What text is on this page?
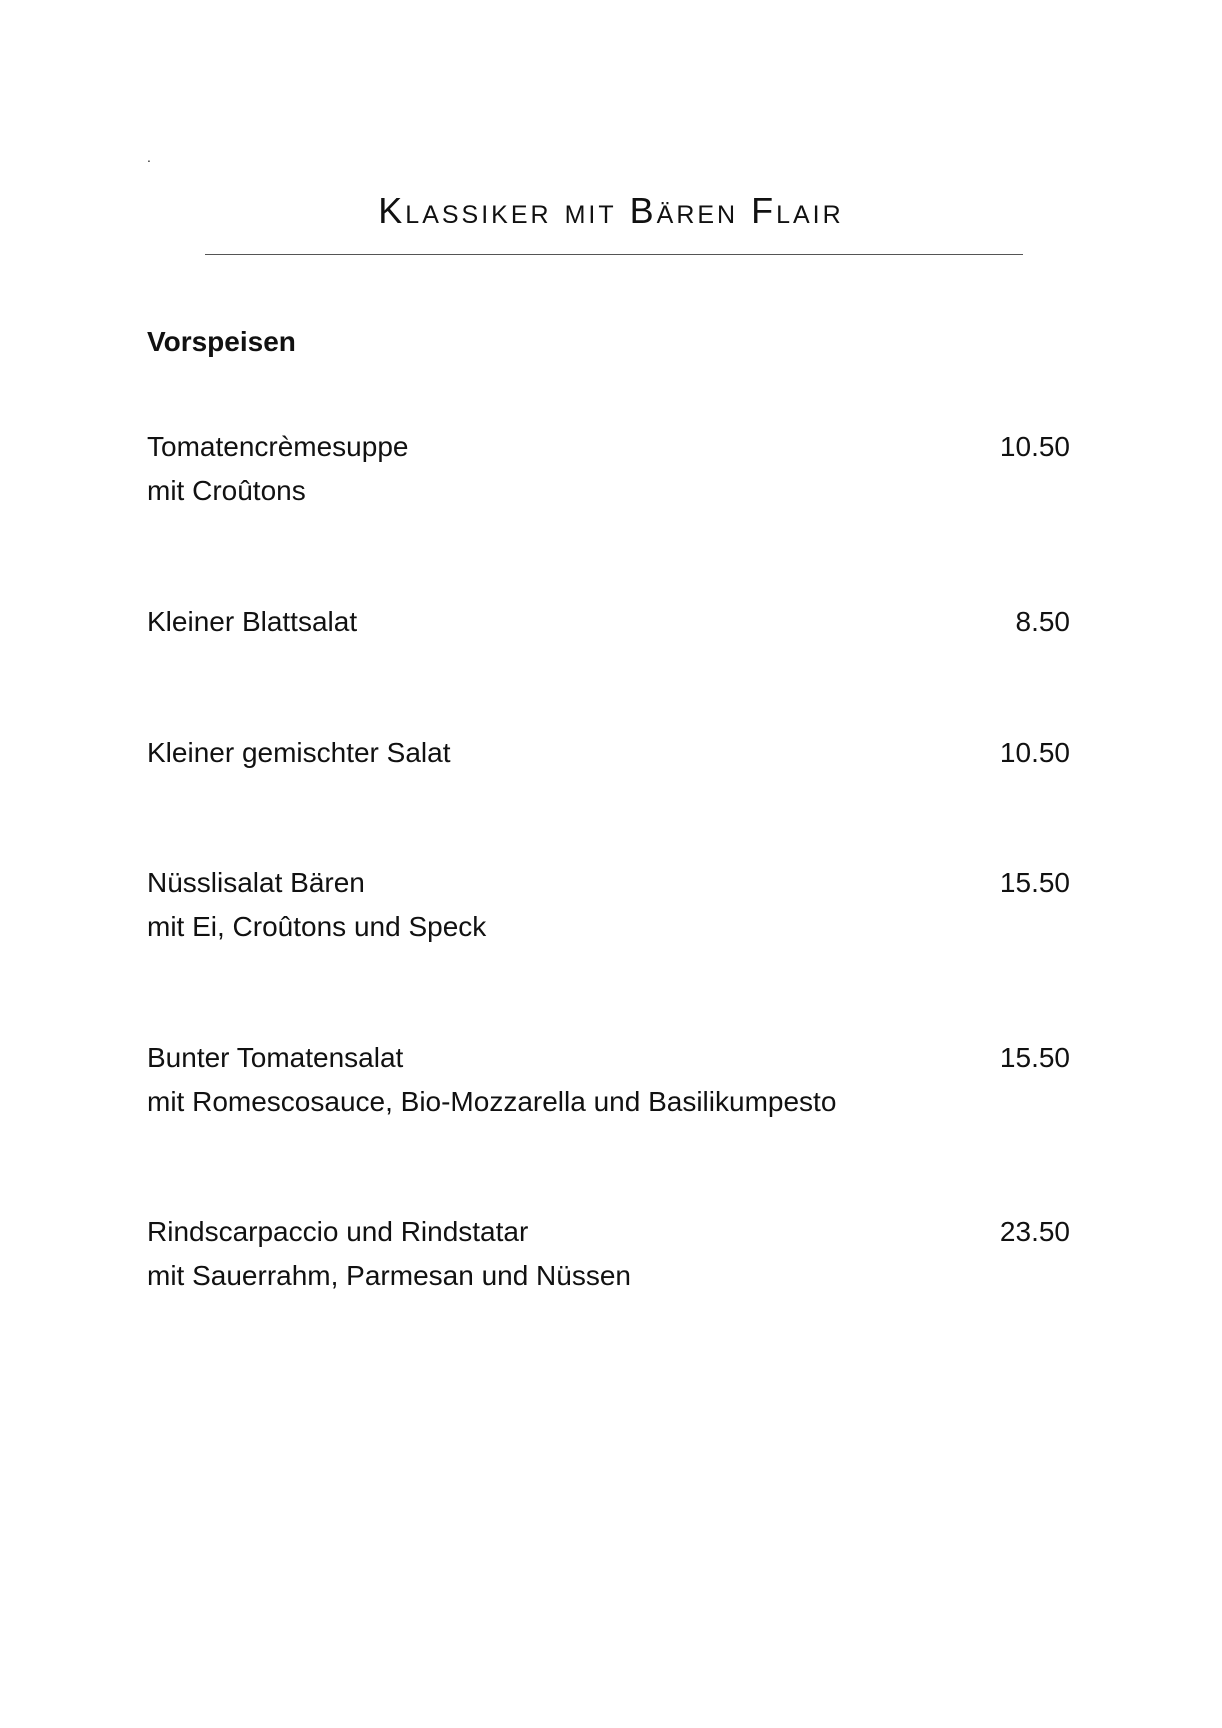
.
Klassiker mit Bären Flair
Vorspeisen
Tomatencrèmesuppe	10.50
mit Croûtons
Kleiner Blattsalat	8.50
Kleiner gemischter Salat	10.50
Nüsslisalat Bären	15.50
mit Ei, Croûtons und Speck
Bunter Tomatensalat	15.50
mit Romescosauce, Bio-Mozzarella und Basilikumpesto
Rindscarpaccio und Rindstatar	23.50
mit Sauerrahm, Parmesan und Nüssen
